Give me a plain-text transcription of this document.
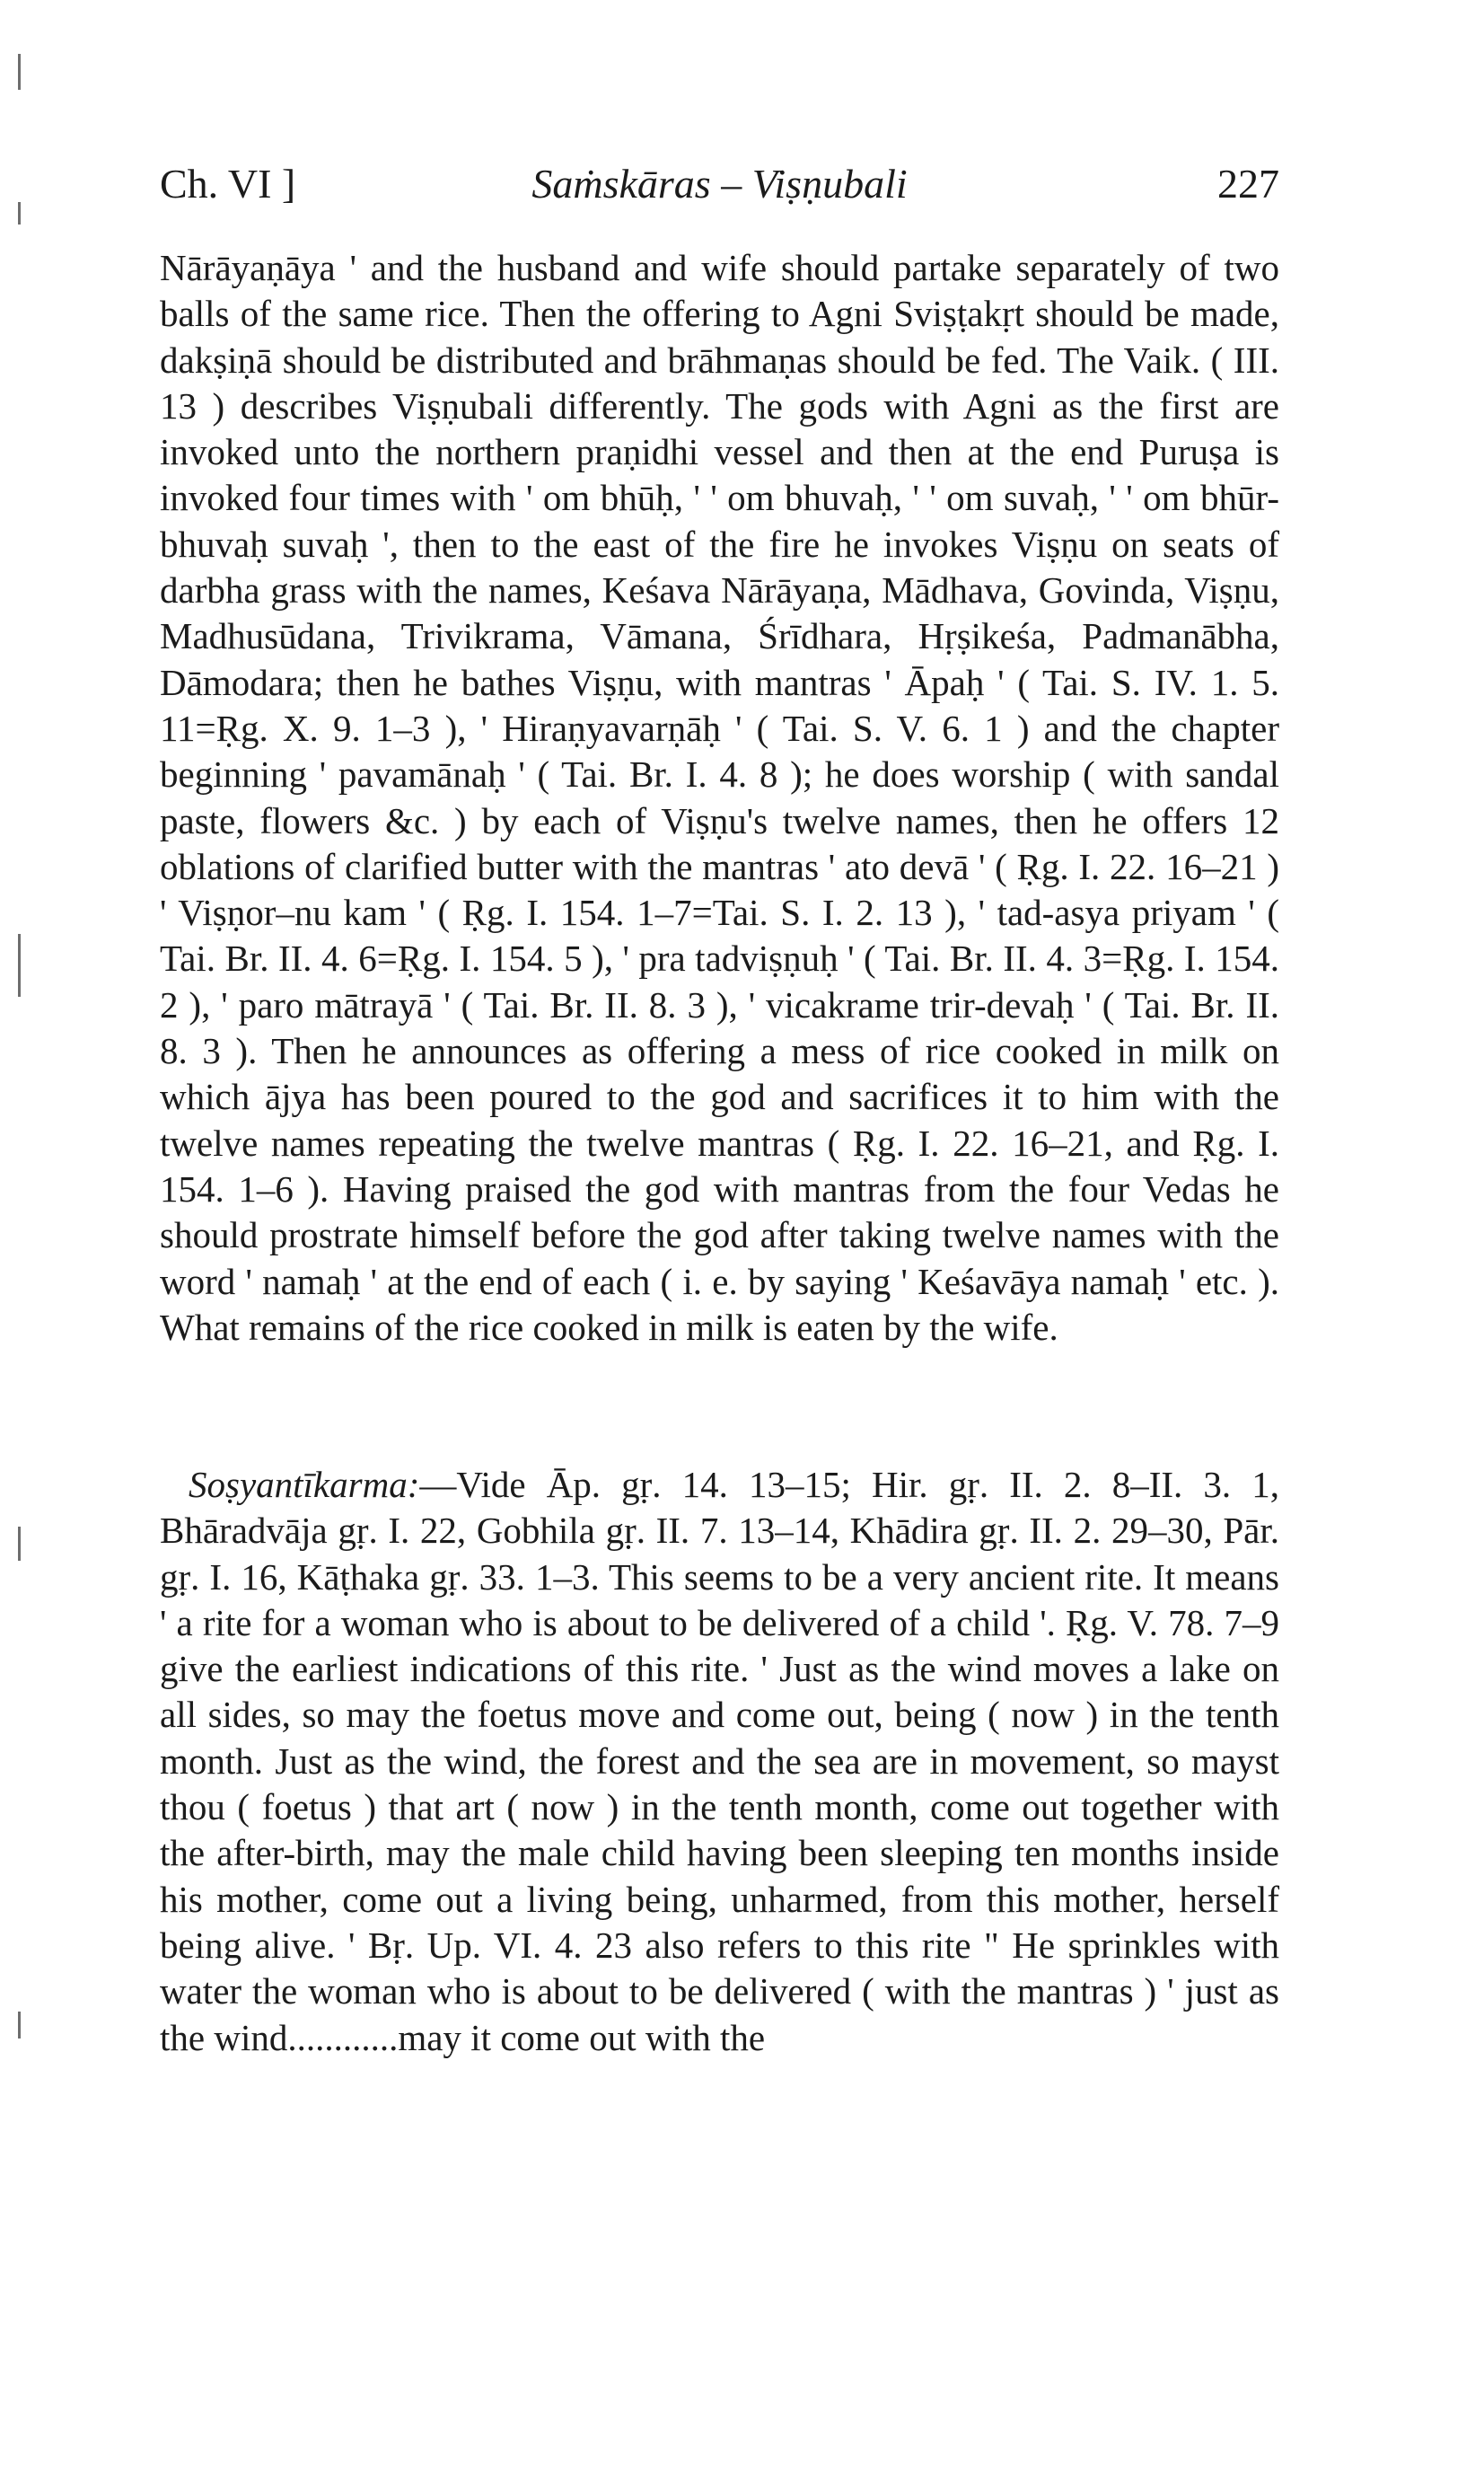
Ch. VI ]	Saṁskāras – Viṣṇubali	227

Nārāyaṇāya ' and the husband and wife should partake separately of two balls of the same rice. Then the offering to Agni Sviṣṭakṛt should be made, dakṣiṇā should be distributed and brāhmaṇas should be fed. The Vaik. ( III. 13 ) describes Viṣṇubali differently. The gods with Agni as the first are invoked unto the northern praṇidhi vessel and then at the end Puruṣa is invoked four times with ' om bhūḥ, ' ' om bhuvaḥ, ' ' om suvaḥ, ' ' om bhūr-bhuvaḥ suvaḥ ', then to the east of the fire he invokes Viṣṇu on seats of darbha grass with the names, Keśava Nārāyaṇa, Mādhava, Govinda, Viṣṇu, Madhusūdana, Trivikrama, Vāmana, Śrīdhara, Hṛṣikeśa, Padmanābha, Dāmodara; then he bathes Viṣṇu, with mantras ' Āpaḥ ' ( Tai. S. IV. 1. 5. 11=Ṛg. X. 9. 1–3 ), ' Hiraṇyavarṇāḥ ' ( Tai. S. V. 6. 1 ) and the chapter beginning ' pavamānaḥ ' ( Tai. Br. I. 4. 8 ); he does worship ( with sandal paste, flowers &c. ) by each of Viṣṇu's twelve names, then he offers 12 oblations of clarified butter with the mantras ' ato devā ' ( Ṛg. I. 22. 16–21 ) ' Viṣṇor–nu kam ' ( Ṛg. I. 154. 1–7=Tai. S. I. 2. 13 ), ' tad-asya priyam ' ( Tai. Br. II. 4. 6=Ṛg. I. 154. 5 ), ' pra tadviṣṇuḥ ' ( Tai. Br. II. 4. 3=Ṛg. I. 154. 2 ), ' paro mātrayā ' ( Tai. Br. II. 8. 3 ), ' vicakrame trir-devaḥ ' ( Tai. Br. II. 8. 3 ). Then he announces as offering a mess of rice cooked in milk on which ājya has been poured to the god and sacrifices it to him with the twelve names repeating the twelve mantras ( Ṛg. I. 22. 16–21, and Ṛg. I. 154. 1–6 ). Having praised the god with mantras from the four Vedas he should prostrate himself before the god after taking twelve names with the word ' namaḥ ' at the end of each ( i. e. by saying ' Keśavāya namaḥ ' etc. ). What remains of the rice cooked in milk is eaten by the wife.

Soṣyantīkarma:—Vide Āp. gṛ. 14. 13–15; Hir. gṛ. II. 2. 8–II. 3. 1, Bhāradvāja gṛ. I. 22, Gobhila gṛ. II. 7. 13–14, Khādira gṛ. II. 2. 29–30, Pār. gṛ. I. 16, Kāṭhaka gṛ. 33. 1–3. This seems to be a very ancient rite. It means ' a rite for a woman who is about to be delivered of a child '. Ṛg. V. 78. 7–9 give the earliest indications of this rite. ' Just as the wind moves a lake on all sides, so may the foetus move and come out, being ( now ) in the tenth month. Just as the wind, the forest and the sea are in movement, so mayst thou ( foetus ) that art ( now ) in the tenth month, come out together with the after-birth, may the male child having been sleeping ten months inside his mother, come out a living being, unharmed, from this mother, herself being alive. ' Bṛ. Up. VI. 4. 23 also refers to this rite " He sprinkles with water the woman who is about to be delivered ( with the mantras ) ' just as the wind............may it come out with the
